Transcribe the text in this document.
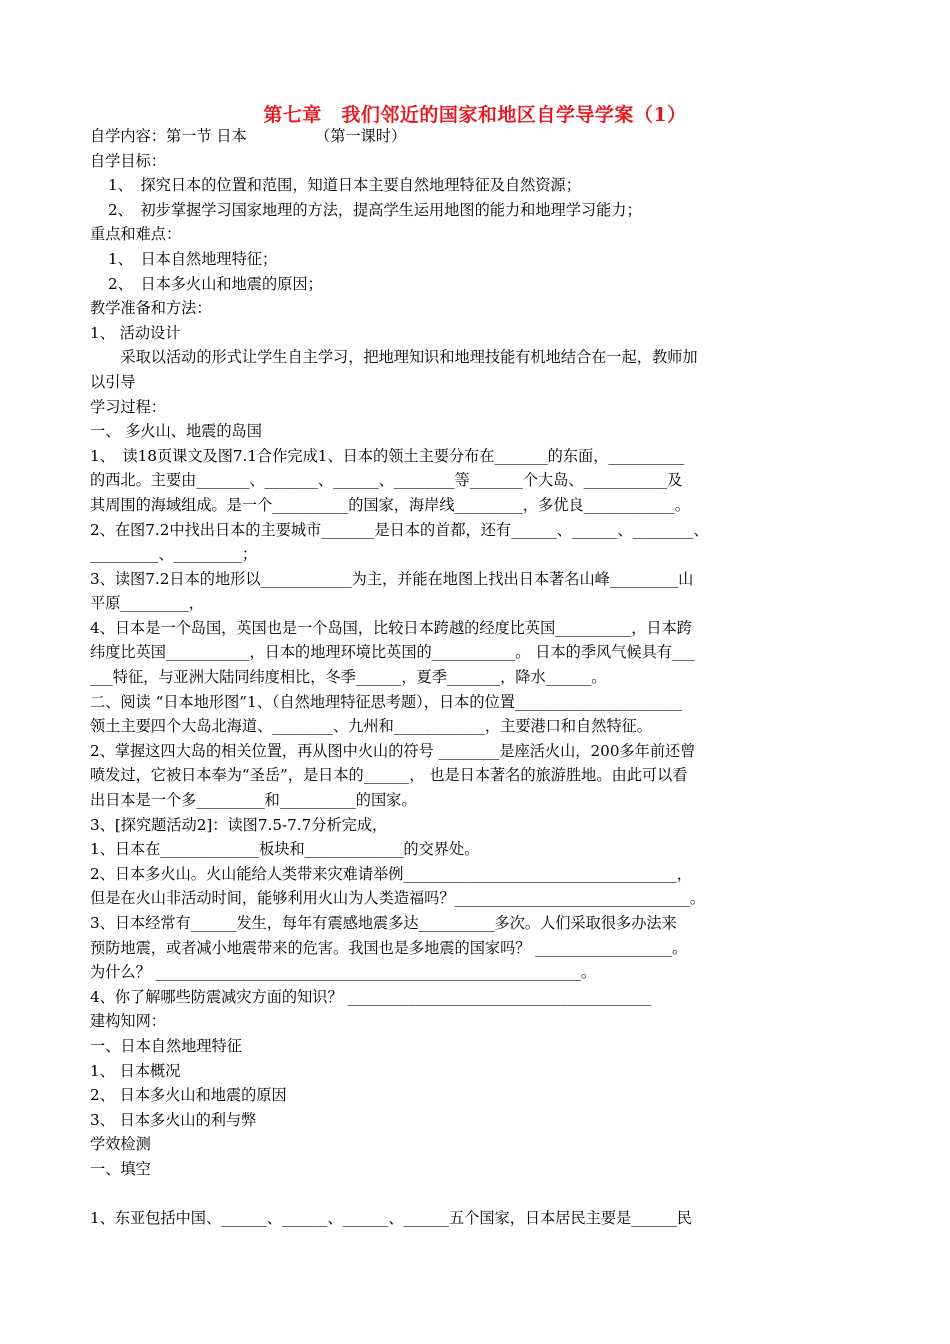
第七章　我们邻近的国家和地区自学导学案（1）
自学内容：第一节 日本　　　　　（第一课时）
自学目标：
1、　探究日本的位置和范围，知道日本主要自然地理特征及自然资源；
2、　初步掌握学习国家地理的方法，提高学生运用地图的能力和地理学习能力；
重点和难点：
1、　日本自然地理特征；
2、　日本多火山和地震的原因；
教学准备和方法：
1、 活动设计
　　采取以活动的形式让学生自主学习，把地理知识和地理技能有机地结合在一起，教师加
以引导
学习过程：
一、 多火山、地震的岛国
1、　读18页课文及图7.1合作完成1、日本的领土主要分布在_______的东面，__________
的西北。主要由_______、_______、______、________等_______个大岛、___________及
其周围的海域组成。是一个__________的国家，海岸线_________，多优良____________。
2、在图7.2中找出日本的主要城市_______是日本的首都，还有______、______、________、
_________、_________；
3、读图7.2日本的地形以____________为主，并能在地图上找出日本著名山峰_________山
平原_________，
4、日本是一个岛国，英国也是一个岛国，比较日本跨越的经度比英国__________，日本跨
纬度比英国___________，日本的地理环境比英国的___________。 日本的季风气候具有___
___特征，与亚洲大陆同纬度相比，冬季______，夏季_______，降水______。
二、阅读 “日本地形图”1、（自然地理特征思考题），日本的位置______________________
领土主要四个大岛北海道、________、九州和____________，主要港口和自然特征。
2、掌握这四大岛的相关位置，再从图中火山的符号 ________是座活火山，200多年前还曾
喷发过，它被日本奉为“圣岳”，是日本的______， 也是日本著名的旅游胜地。由此可以看
出日本是一个多_________和__________的国家。
3、[探究题活动2]：读图7.5-7.7分析完成，
1、日本在_____________板块和_____________的交界处。
2、日本多火山。火山能给人类带来灾难请举例____________________________________，
但是在火山非活动时间，能够利用火山为人类造福吗？_______________________________。
3、日本经常有______发生，每年有震感地震多达__________多次。人们采取很多办法来
预防地震，或者减小地震带来的危害。我国也是多地震的国家吗？ __________________。
为什么？ ________________________________________________________。
4、你了解哪些防震减灾方面的知识？ ________________________________________
建构知网：
一、日本自然地理特征
1、 日本概况
2、 日本多火山和地震的原因
3、 日本多火山的利与弊
学效检测
一、填空
1、东亚包括中国、______、______、______、______五个国家，日本居民主要是______民
